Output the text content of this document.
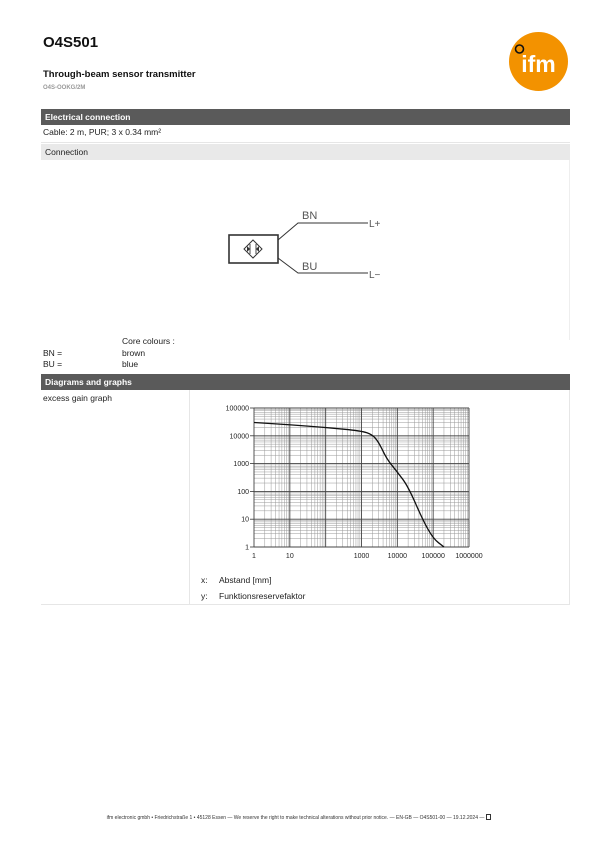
O4S501
Through-beam sensor transmitter
O4S-OOKG/2M
ifm
Electrical connection
Cable: 2 m, PUR; 3 x 0.34 mm²
Connection
BN
BU
L+
L−
Core colours :
BN =	brown
BU =	blue
Diagrams and graphs
excess gain graph
1
10
100
1000
10000
100000
1	10	1000	10000 100000 1000000
x: Abstand [mm]
y: Funktionsreservefaktor
ifm electronic gmbh • Friedrichstraße 1 • 45128 Essen — We reserve the right to make technical alterations without prior notice. — EN-GB — O4S501-00 — 19.12.2024 —
